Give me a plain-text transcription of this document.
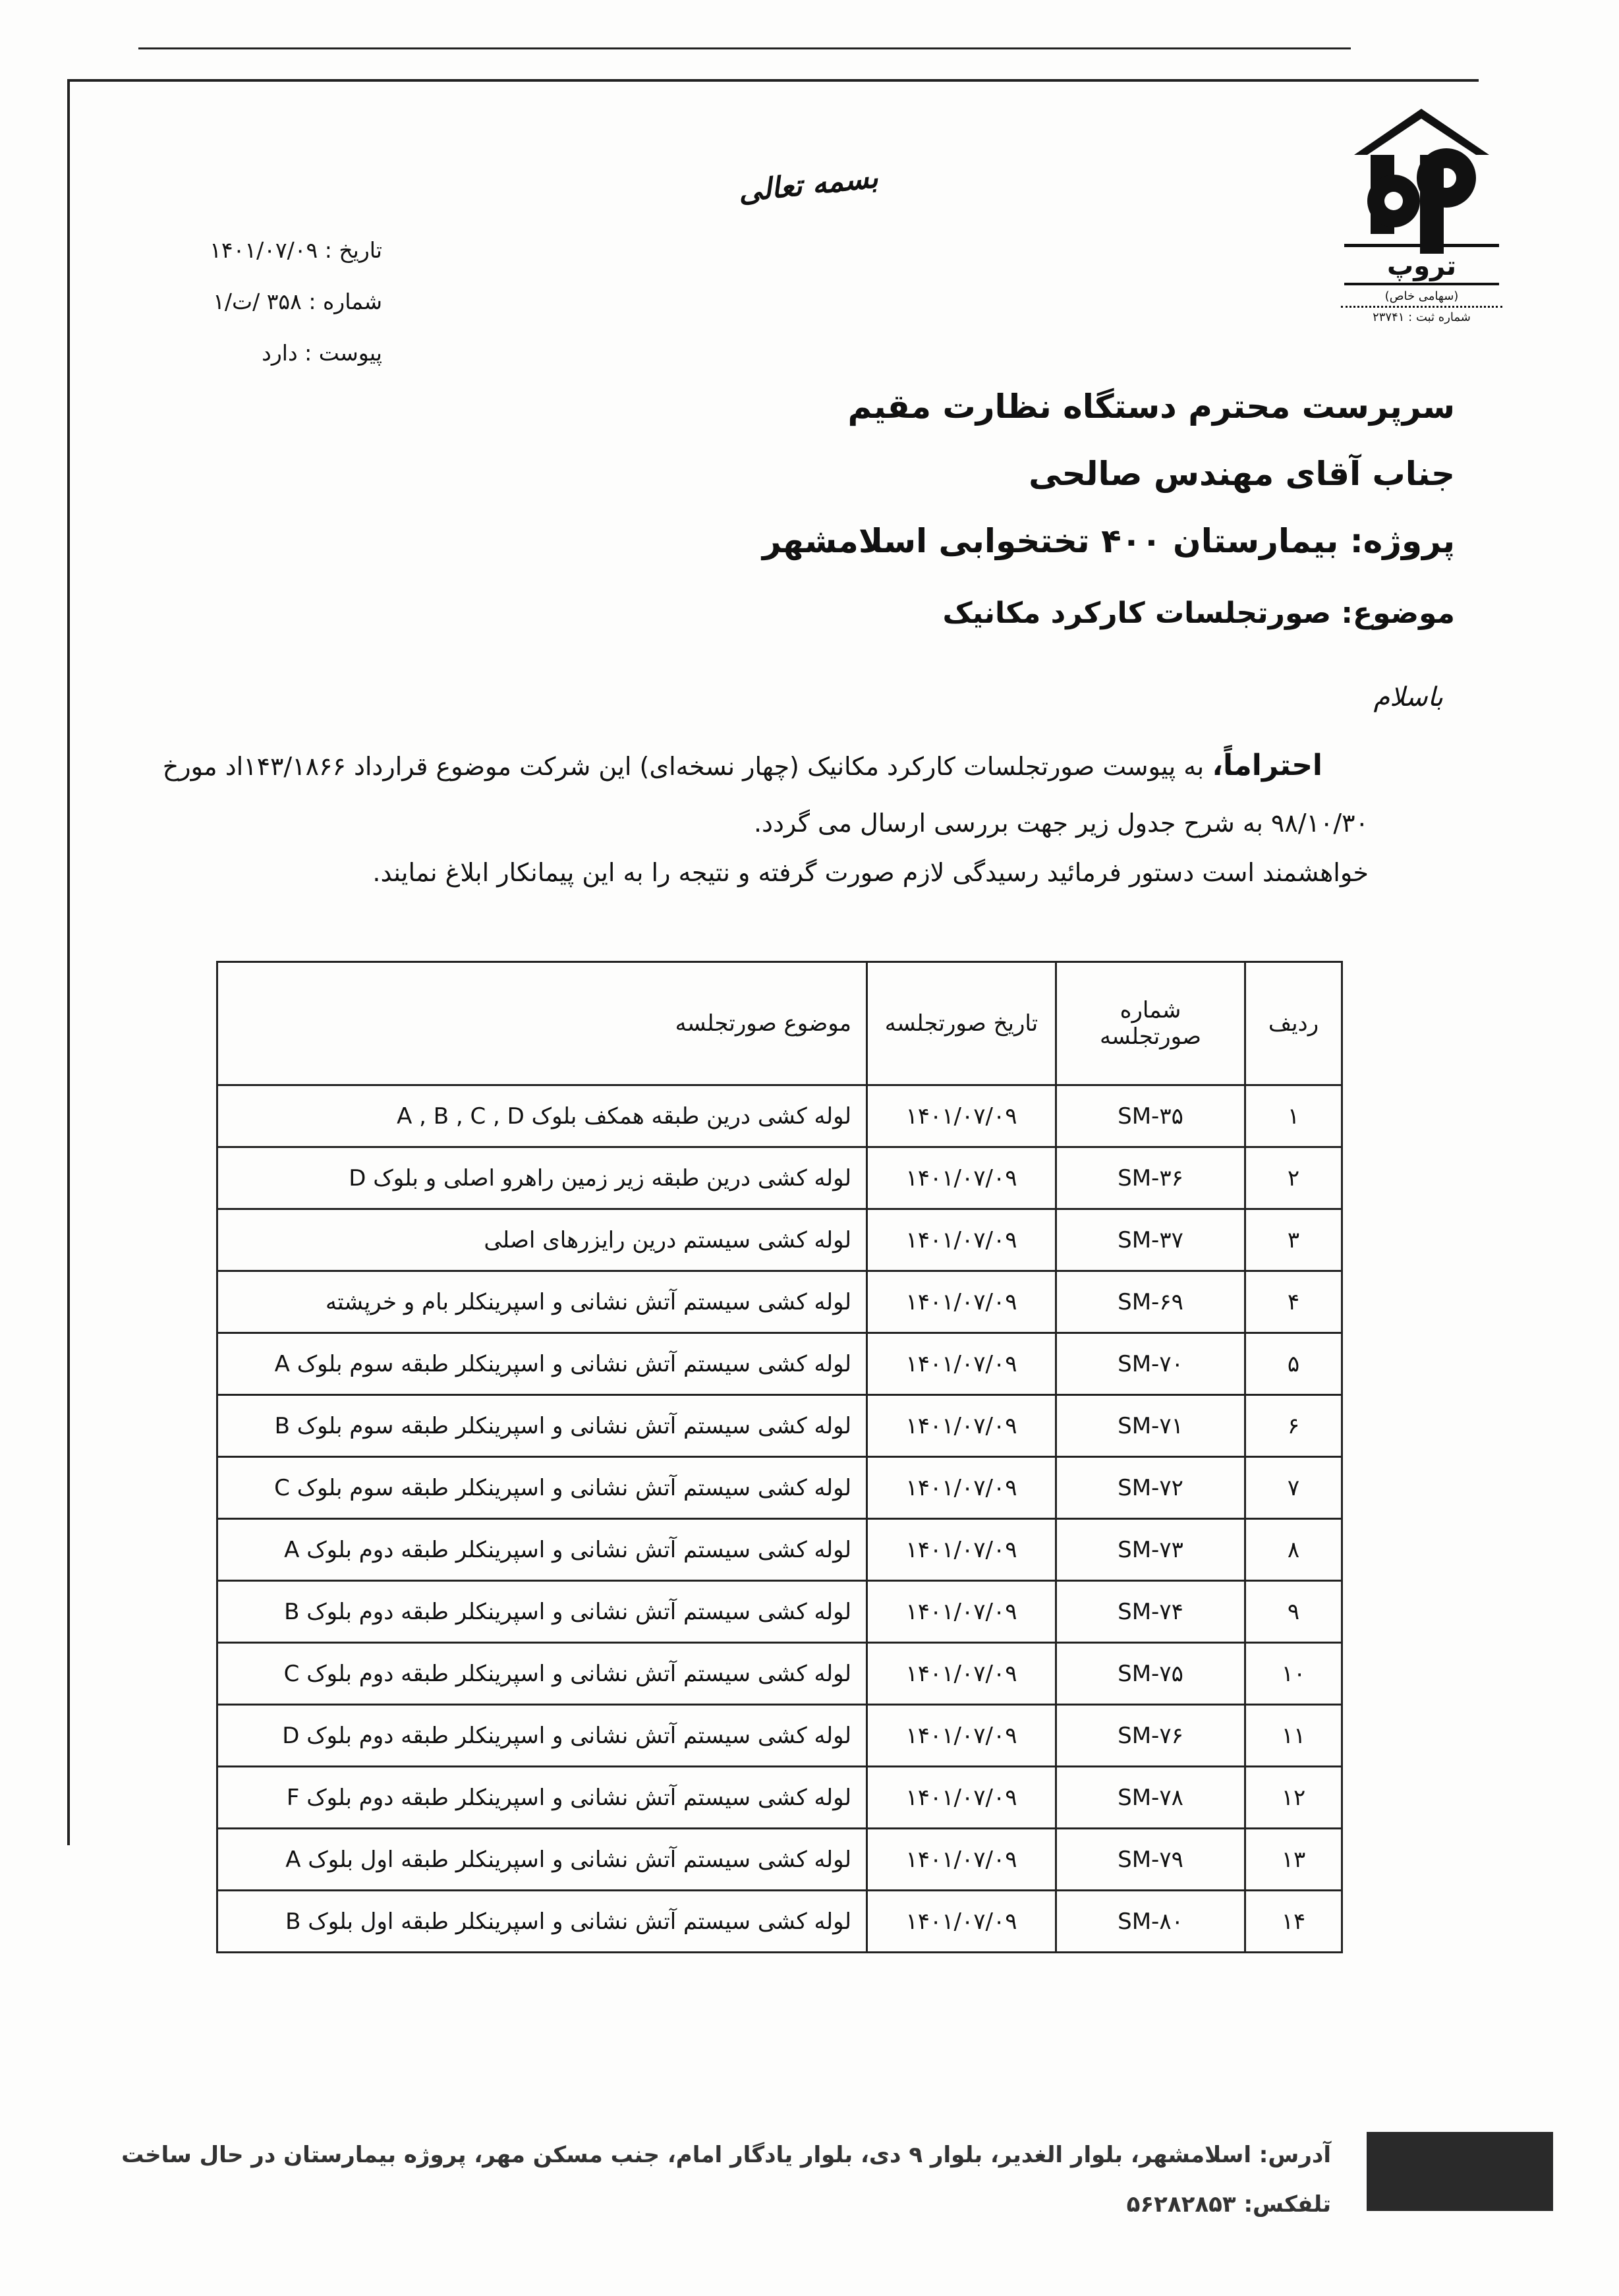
تروپ
(سهامی خاص)
شماره ثبت : ۲۳۷۴۱
بسمه تعالی
تاریخ : ۱۴۰۱/۰۷/۰۹
شماره : ۳۵۸ /ت/۱
پیوست : دارد
سرپرست محترم دستگاه نظارت مقیم
جناب آقای مهندس صالحی
پروژه: بیمارستان ۴۰۰ تختخوابی اسلامشهر
موضوع: صورتجلسات کارکرد مکانیک
باسلام
احتراماً، به پیوست صورتجلسات کارکرد مکانیک (چهار نسخه‌ای) این شرکت موضوع قرارداد ۱۴۳/۱۸۶۶اد مورخ
۹۸/۱۰/۳۰ به شرح جدول زیر جهت بررسی ارسال می گردد.
خواهشمند است دستور فرمائید رسیدگی لازم صورت گرفته و نتیجه را به این پیمانکار ابلاغ نمایند.
ردیف	شماره صورتجلسه	تاریخ صورتجلسه	موضوع صورتجلسه
۱	SM-۳۵	۱۴۰۱/۰۷/۰۹	لوله کشی درین طبقه همکف بلوک A , B , C , D
۲	SM-۳۶	۱۴۰۱/۰۷/۰۹	لوله کشی درین طبقه زیر زمین راهرو اصلی و بلوک D
۳	SM-۳۷	۱۴۰۱/۰۷/۰۹	لوله کشی سیستم درین رایزرهای اصلی
۴	SM-۶۹	۱۴۰۱/۰۷/۰۹	لوله کشی سیستم آتش نشانی و اسپرینکلر بام و خرپشته
۵	SM-۷۰	۱۴۰۱/۰۷/۰۹	لوله کشی سیستم آتش نشانی و اسپرینکلر طبقه سوم بلوک A
۶	SM-۷۱	۱۴۰۱/۰۷/۰۹	لوله کشی سیستم آتش نشانی و اسپرینکلر طبقه سوم بلوک B
۷	SM-۷۲	۱۴۰۱/۰۷/۰۹	لوله کشی سیستم آتش نشانی و اسپرینکلر طبقه سوم بلوک C
۸	SM-۷۳	۱۴۰۱/۰۷/۰۹	لوله کشی سیستم آتش نشانی و اسپرینکلر طبقه دوم بلوک A
۹	SM-۷۴	۱۴۰۱/۰۷/۰۹	لوله کشی سیستم آتش نشانی و اسپرینکلر طبقه دوم بلوک B
۱۰	SM-۷۵	۱۴۰۱/۰۷/۰۹	لوله کشی سیستم آتش نشانی و اسپرینکلر طبقه دوم بلوک C
۱۱	SM-۷۶	۱۴۰۱/۰۷/۰۹	لوله کشی سیستم آتش نشانی و اسپرینکلر طبقه دوم بلوک D
۱۲	SM-۷۸	۱۴۰۱/۰۷/۰۹	لوله کشی سیستم آتش نشانی و اسپرینکلر طبقه دوم بلوک F
۱۳	SM-۷۹	۱۴۰۱/۰۷/۰۹	لوله کشی سیستم آتش نشانی و اسپرینکلر طبقه اول بلوک A
۱۴	SM-۸۰	۱۴۰۱/۰۷/۰۹	لوله کشی سیستم آتش نشانی و اسپرینکلر طبقه اول بلوک B
آدرس: اسلامشهر، بلوار الغدیر، بلوار ۹ دی، بلوار یادگار امام، جنب مسکن مهر، پروژه بیمارستان در حال ساخت
تلفکس: ۵۶۲۸۲۸۵۳
